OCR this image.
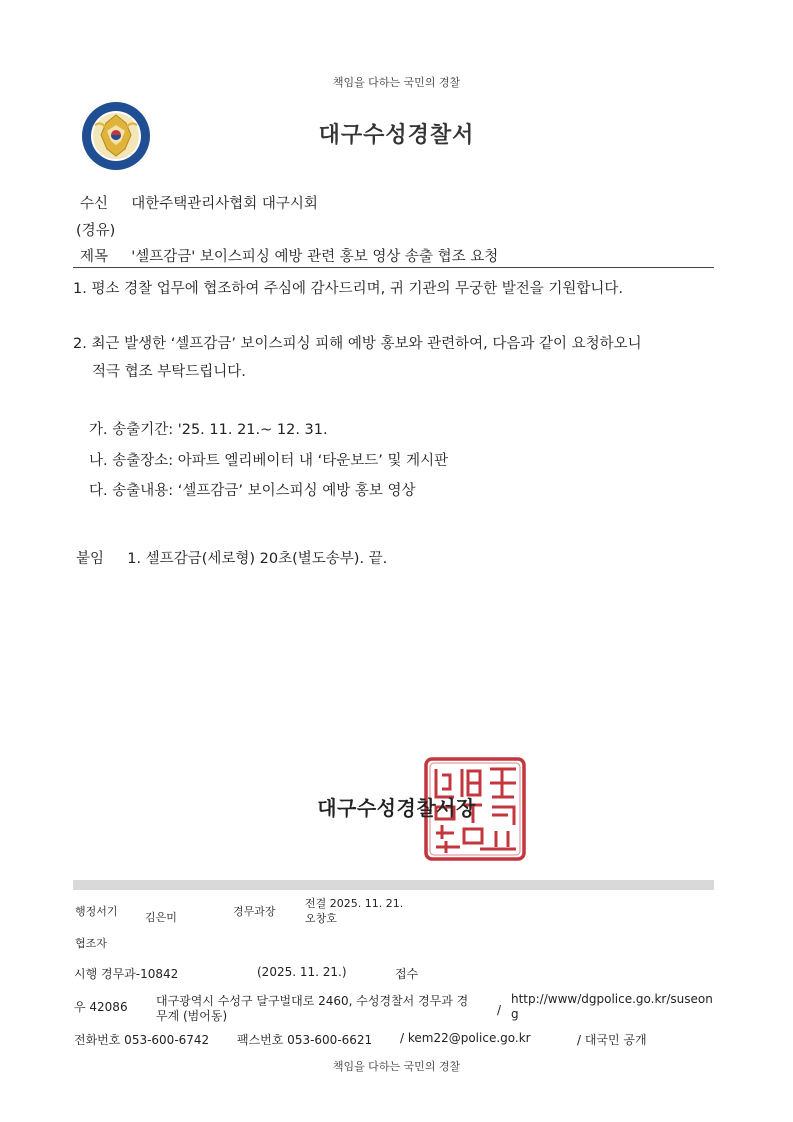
책임을 다하는 국민의 경찰
대구수성경찰서
수신 대한주택관리사협회 대구시회
(경유)
제목 '셀프감금' 보이스피싱 예방 관련 홍보 영상 송출 협조 요청
1. 평소 경찰 업무에 협조하여 주심에 감사드리며, 귀 기관의 무궁한 발전을 기원합니다.
2. 최근 발생한 ‘셀프감금’ 보이스피싱 피해 예방 홍보와 관련하여, 다음과 같이 요청하오니
적극 협조 부탁드립니다.
가. 송출기간: '25. 11. 21.~ 12. 31.
나. 송출장소: 아파트 엘리베이터 내 ‘타운보드’ 및 게시판
다. 송출내용: ‘셀프감금’ 보이스피싱 예방 홍보 영상
붙임 1. 셀프감금(세로형) 20초(별도송부). 끝.
대구수성경찰서장
행정서기 김은미	경무과장
전결 2025. 11. 21.
오창호
협조자
시행 경무과-10842	(2025. 11. 21.)	접수
우 42086 대구광역시 수성구 달구벌대로 2460, 수성경찰서 경무과 경
무계 (범어동)	/
http://www/dgpolice.go.kr/suseon
g
전화번호 053-600-6742 팩스번호 053-600-6621 / kem22@police.go.kr	/ 대국민 공개
책임을 다하는 국민의 경찰
